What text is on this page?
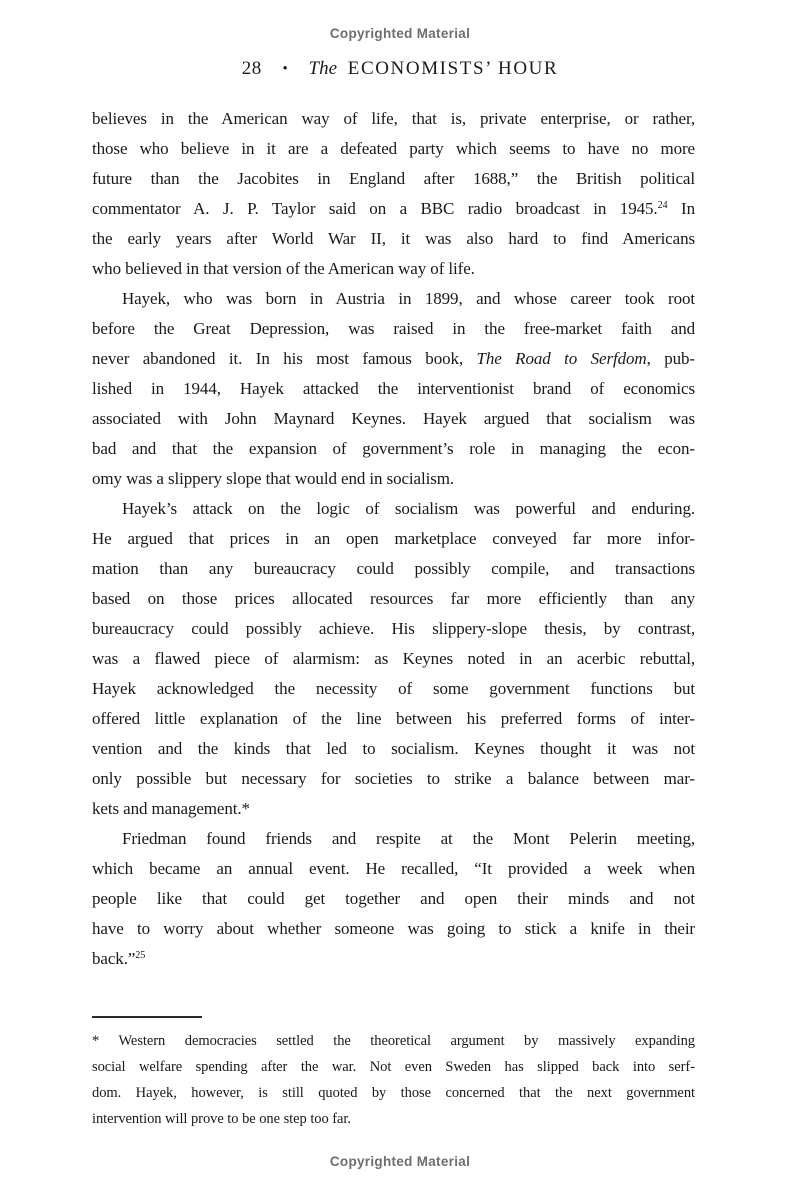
Copyrighted Material
28 • The ECONOMISTS’ HOUR
believes in the American way of life, that is, private enterprise, or rather,
those who believe in it are a defeated party which seems to have no more
future than the Jacobites in England after 1688,” the British political
commentator A. J. P. Taylor said on a BBC radio broadcast in 1945.24 In
the early years after World War II, it was also hard to find Americans
who believed in that version of the American way of life.
Hayek, who was born in Austria in 1899, and whose career took root
before the Great Depression, was raised in the free-market faith and
never abandoned it. In his most famous book, The Road to Serfdom, pub-
lished in 1944, Hayek attacked the interventionist brand of economics
associated with John Maynard Keynes. Hayek argued that socialism was
bad and that the expansion of government’s role in managing the econ-
omy was a slippery slope that would end in socialism.
Hayek’s attack on the logic of socialism was powerful and enduring.
He argued that prices in an open marketplace conveyed far more infor-
mation than any bureaucracy could possibly compile, and transactions
based on those prices allocated resources far more efficiently than any
bureaucracy could possibly achieve. His slippery-slope thesis, by contrast,
was a flawed piece of alarmism: as Keynes noted in an acerbic rebuttal,
Hayek acknowledged the necessity of some government functions but
offered little explanation of the line between his preferred forms of inter-
vention and the kinds that led to socialism. Keynes thought it was not
only possible but necessary for societies to strike a balance between mar-
kets and management.*
Friedman found friends and respite at the Mont Pelerin meeting,
which became an annual event. He recalled, “It provided a week when
people like that could get together and open their minds and not
have to worry about whether someone was going to stick a knife in their
back.”$^{25}$
* Western democracies settled the theoretical argument by massively expanding
social welfare spending after the war. Not even Sweden has slipped back into serf-
dom. Hayek, however, is still quoted by those concerned that the next government
intervention will prove to be one step too far.
Copyrighted Material
